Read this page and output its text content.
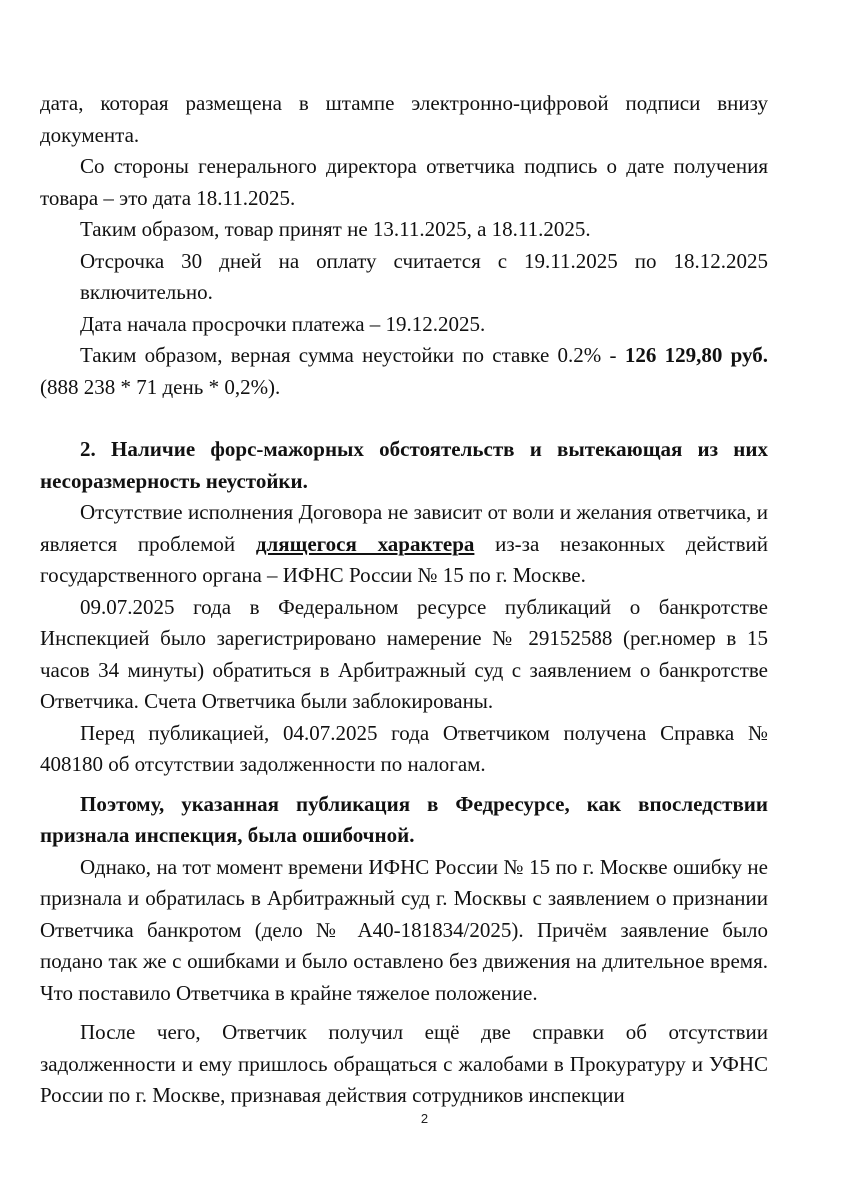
дата, которая размещена в штампе электронно-цифровой подписи внизу документа.

Со стороны генерального директора ответчика подпись о дате получения товара – это дата 18.11.2025.

Таким образом, товар принят не 13.11.2025, а 18.11.2025.

Отсрочка 30 дней на оплату считается с 19.11.2025 по 18.12.2025 включительно.

Дата начала просрочки платежа – 19.12.2025.

Таким образом, верная сумма неустойки по ставке 0.2% - 126 129,80 руб. (888 238 * 71 день * 0,2%).

2. Наличие форс-мажорных обстоятельств и вытекающая из них несоразмерность неустойки.

Отсутствие исполнения Договора не зависит от воли и желания ответчика, и является проблемой длящегося характера из-за незаконных действий государственного органа – ИФНС России № 15 по г. Москве.

09.07.2025 года в Федеральном ресурсе публикаций о банкротстве Инспекцией было зарегистрировано намерение № 29152588 (рег.номер в 15 часов 34 минуты) обратиться в Арбитражный суд с заявлением о банкротстве Ответчика. Счета Ответчика были заблокированы.

Перед публикацией, 04.07.2025 года Ответчиком получена Справка № 408180 об отсутствии задолженности по налогам.

Поэтому, указанная публикация в Федресурсе, как впоследствии признала инспекция, была ошибочной.

Однако, на тот момент времени ИФНС России № 15 по г. Москве ошибку не признала и обратилась в Арбитражный суд г. Москвы с заявлением о признании Ответчика банкротом (дело № А40-181834/2025). Причём заявление было подано так же с ошибками и было оставлено без движения на длительное время. Что поставило Ответчика в крайне тяжелое положение.

После чего, Ответчик получил ещё две справки об отсутствии задолженности и ему пришлось обращаться с жалобами в Прокуратуру и УФНС России по г. Москве, признавая действия сотрудников инспекции

2
